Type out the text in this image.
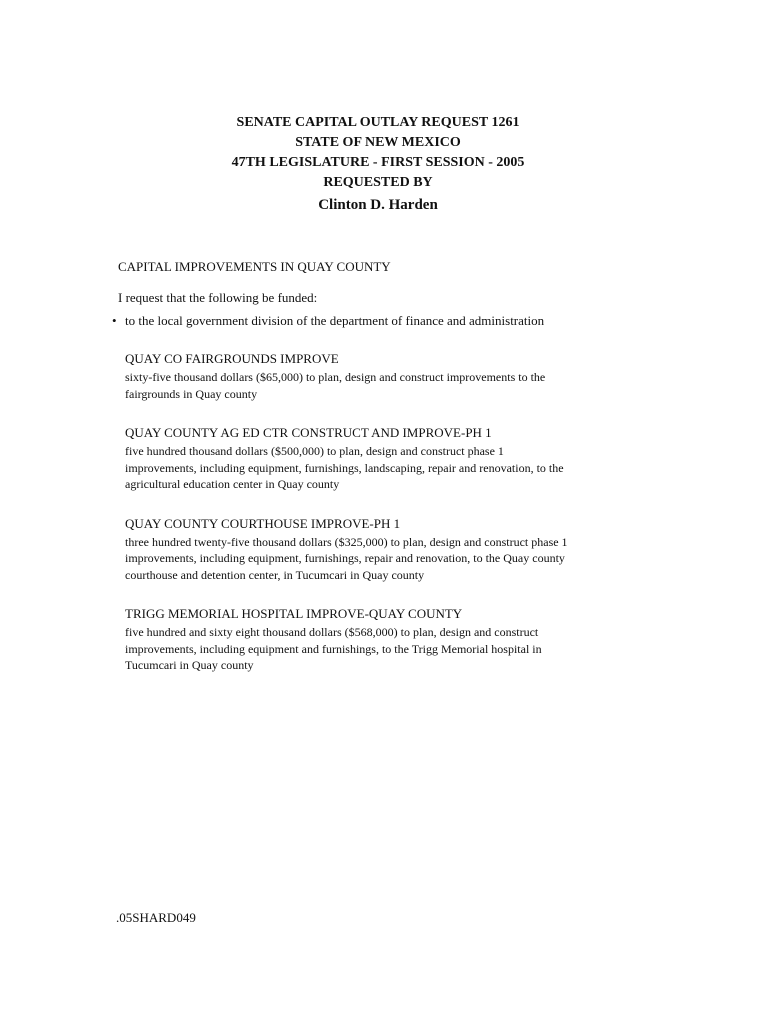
SENATE CAPITAL OUTLAY REQUEST 1261
STATE OF NEW MEXICO
47TH LEGISLATURE - FIRST SESSION - 2005
REQUESTED BY
Clinton D. Harden
CAPITAL IMPROVEMENTS IN QUAY COUNTY
I request that the following be funded:
• to the local government division of the department of finance and administration
QUAY CO FAIRGROUNDS IMPROVE
sixty-five thousand dollars ($65,000) to plan, design and construct improvements to the
fairgrounds in Quay county
QUAY COUNTY AG ED CTR CONSTRUCT AND IMPROVE-PH 1
five hundred thousand dollars ($500,000) to plan, design and construct phase 1
improvements, including equipment, furnishings, landscaping, repair and renovation, to the
agricultural education center in Quay county
QUAY COUNTY COURTHOUSE IMPROVE-PH 1
three hundred twenty-five thousand dollars ($325,000) to plan, design and construct phase 1
improvements, including equipment, furnishings, repair and renovation, to the Quay county
courthouse and detention center, in Tucumcari in Quay county
TRIGG MEMORIAL HOSPITAL IMPROVE-QUAY COUNTY
five hundred and sixty eight thousand dollars ($568,000) to plan, design and construct
improvements, including equipment and furnishings, to the Trigg Memorial hospital in
Tucumcari in Quay county
.05SHARD049
